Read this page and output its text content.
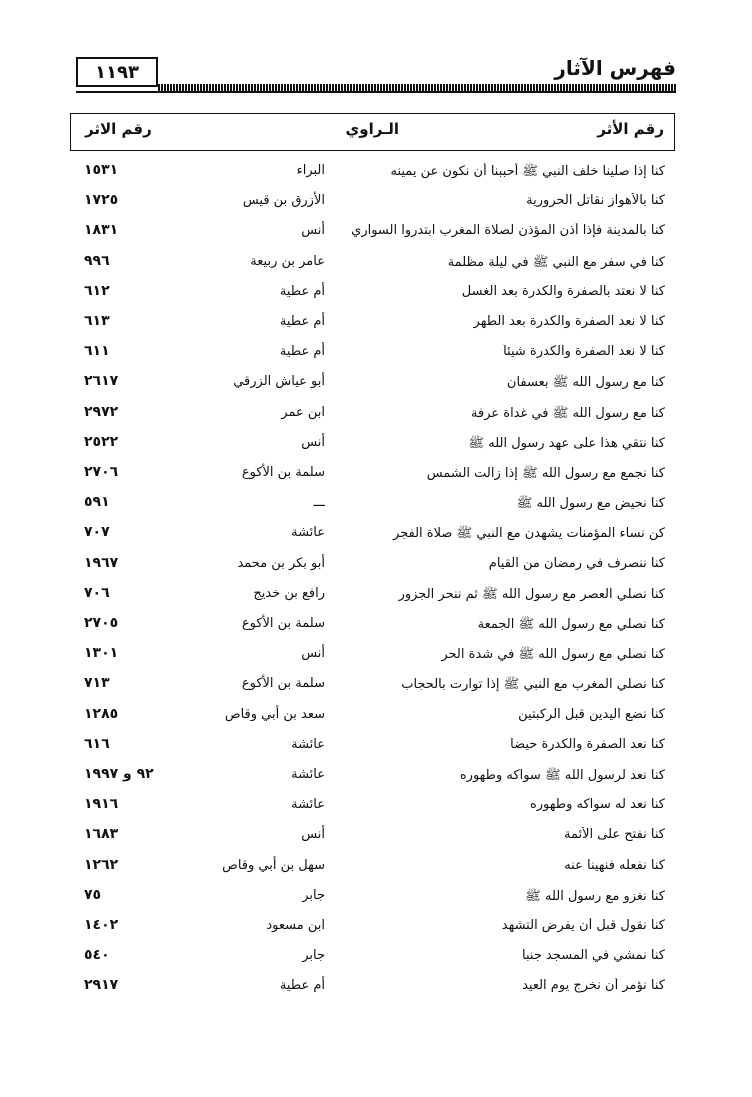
فهرس الآثار
١١٩٣
رقم الأثر
الـراوي
رقم الاثر
كنا إذا صلينا خلف النبي ﷺ أحببنا أن نكون عن يمينه
البراء
١٥٣١
كنا بالأهواز نقاتل الحرورية
الأزرق بن قيس
١٧٢٥
كنا بالمدينة فإذا أذن المؤذن لصلاة المغرب ابتدروا السواري
أنس
١٨٣١
كنا في سفر مع النبي ﷺ في ليلة مظلمة
عامر بن ربيعة
٩٩٦
كنا لا نعتد بالصفرة والكدرة بعد الغسل
أم عطية
٦١٢
كنا لا نعد الصفرة والكدرة بعد الطهر
أم عطية
٦١٣
كنا لا نعد الصفرة والكدرة شيئاً
أم عطية
٦١١
كنا مع رسول الله ﷺ بعسفان
أبو عياش الزرقي
٢٦١٧
كنا مع رسول الله ﷺ في غداة عرفة
ابن عمر
٢٩٧٢
كنا نتقي هذا على عهد رسول الله ﷺ
أنس
٢٥٢٢
كنا نجمع مع رسول الله ﷺ إذا زالت الشمس
سلمة بن الأكوع
٢٧٠٦
كنا نحيض مع رسول الله ﷺ
ـــ
٥٩١
كن نساء المؤمنات يشهدن مع النبي ﷺ صلاة الفجر
عائشة
٧٠٧
كنا ننصرف في رمضان من القيام
أبو بكر بن محمد
١٩٦٧
كنا نصلي العصر مع رسول الله ﷺ ثم ننحر الجزور
رافع بن خديج
٧٠٦
كنا نصلي مع رسول الله ﷺ الجمعة
سلمة بن الأكوع
٢٧٠٥
كنا نصلي مع رسول الله ﷺ في شدة الحر
أنس
١٣٠١
كنا نصلي المغرب مع النبي ﷺ إذا توارت بالحجاب
سلمة بن الأكوع
٧١٣
كنا نضع اليدين قبل الركبتين
سعد بن أبي وقاص
١٢٨٥
كنا نعد الصفرة والكدرة حيضاً
عائشة
٦١٦
كنا نعد لرسول الله ﷺ سواكه وطهوره
عائشة
٩٢ و ١٩٩٧
كنا نعد له سواكه وطهوره
عائشة
١٩١٦
كنا نفتح على الأئمة
أنس
١٦٨٣
كنا نفعله فنهينا عنه
سهل بن أبي وقاص
١٢٦٢
كنا نغزو مع رسول الله ﷺ
جابر
٧٥
كنا نقول قبل أن يفرض التشهد
ابن مسعود
١٤٠٢
كنا نمشي في المسجد جنباً
جابر
٥٤٠
كنا نؤمر أن نخرج يوم العيد
أم عطية
٢٩١٧
